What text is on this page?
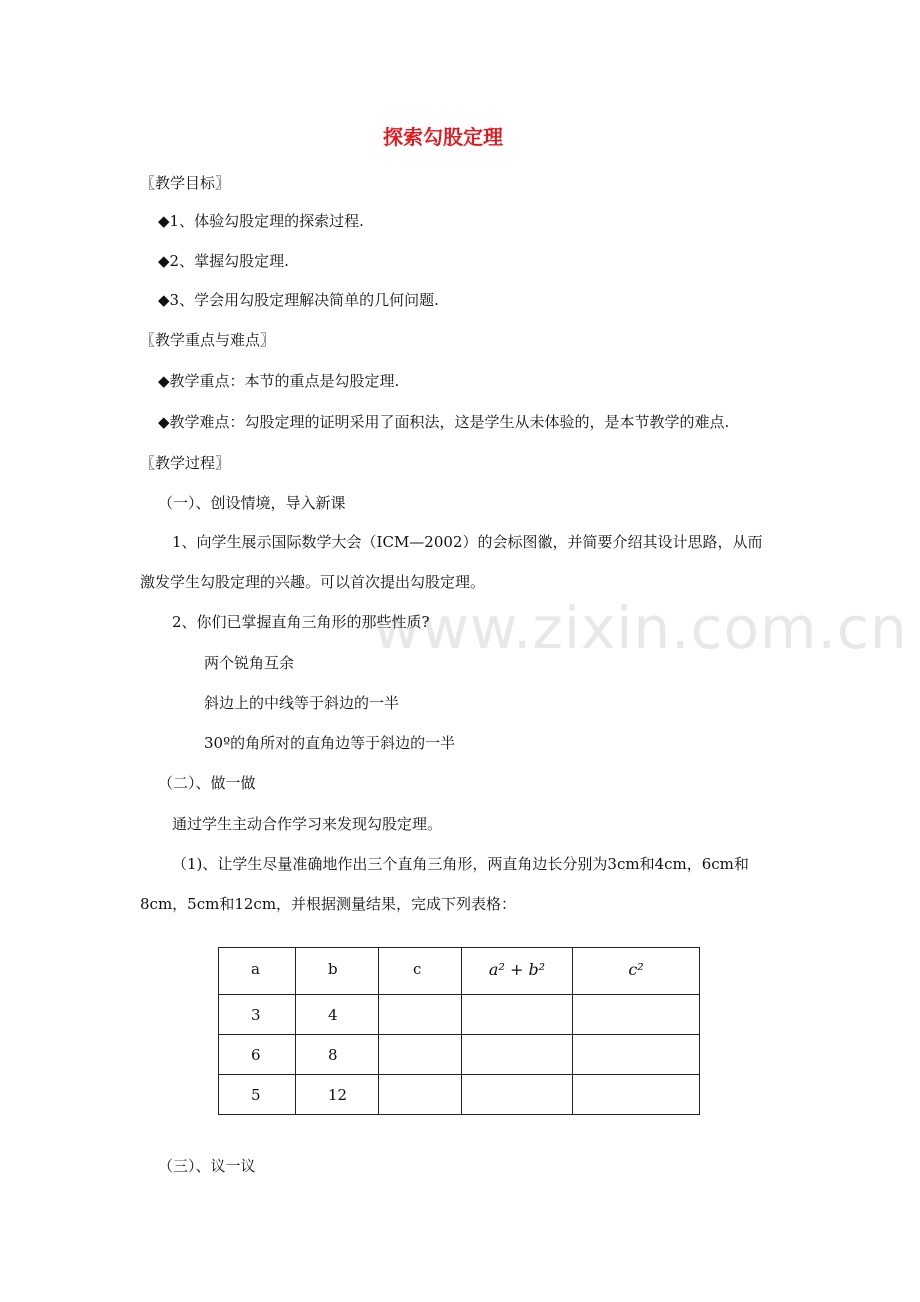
www.zixin.com.cn
探索勾股定理
〖教学目标〗
◆1、体验勾股定理的探索过程.
◆2、掌握勾股定理.
◆3、学会用勾股定理解决简单的几何问题.
〖教学重点与难点〗
◆教学重点：本节的重点是勾股定理.
◆教学难点：勾股定理的证明采用了面积法，这是学生从未体验的，是本节教学的难点.
〖教学过程〗
（一）、创设情境，导入新课
1、向学生展示国际数学大会（ICM—2002）的会标图徽，并简要介绍其设计思路，从而
激发学生勾股定理的兴趣。可以首次提出勾股定理。
2、你们已掌握直角三角形的那些性质?
两个锐角互余
斜边上的中线等于斜边的一半
30º的角所对的直角边等于斜边的一半
（二）、做一做
通过学生主动合作学习来发现勾股定理。
（1)、让学生尽量准确地作出三个直角三角形，两直角边长分别为3cm和4cm，6cm和
8cm，5cm和12cm，并根据测量结果，完成下列表格：
a	b	c	a² + b²	c²
3	4			
6	8			
5	12			
（三）、议一议
